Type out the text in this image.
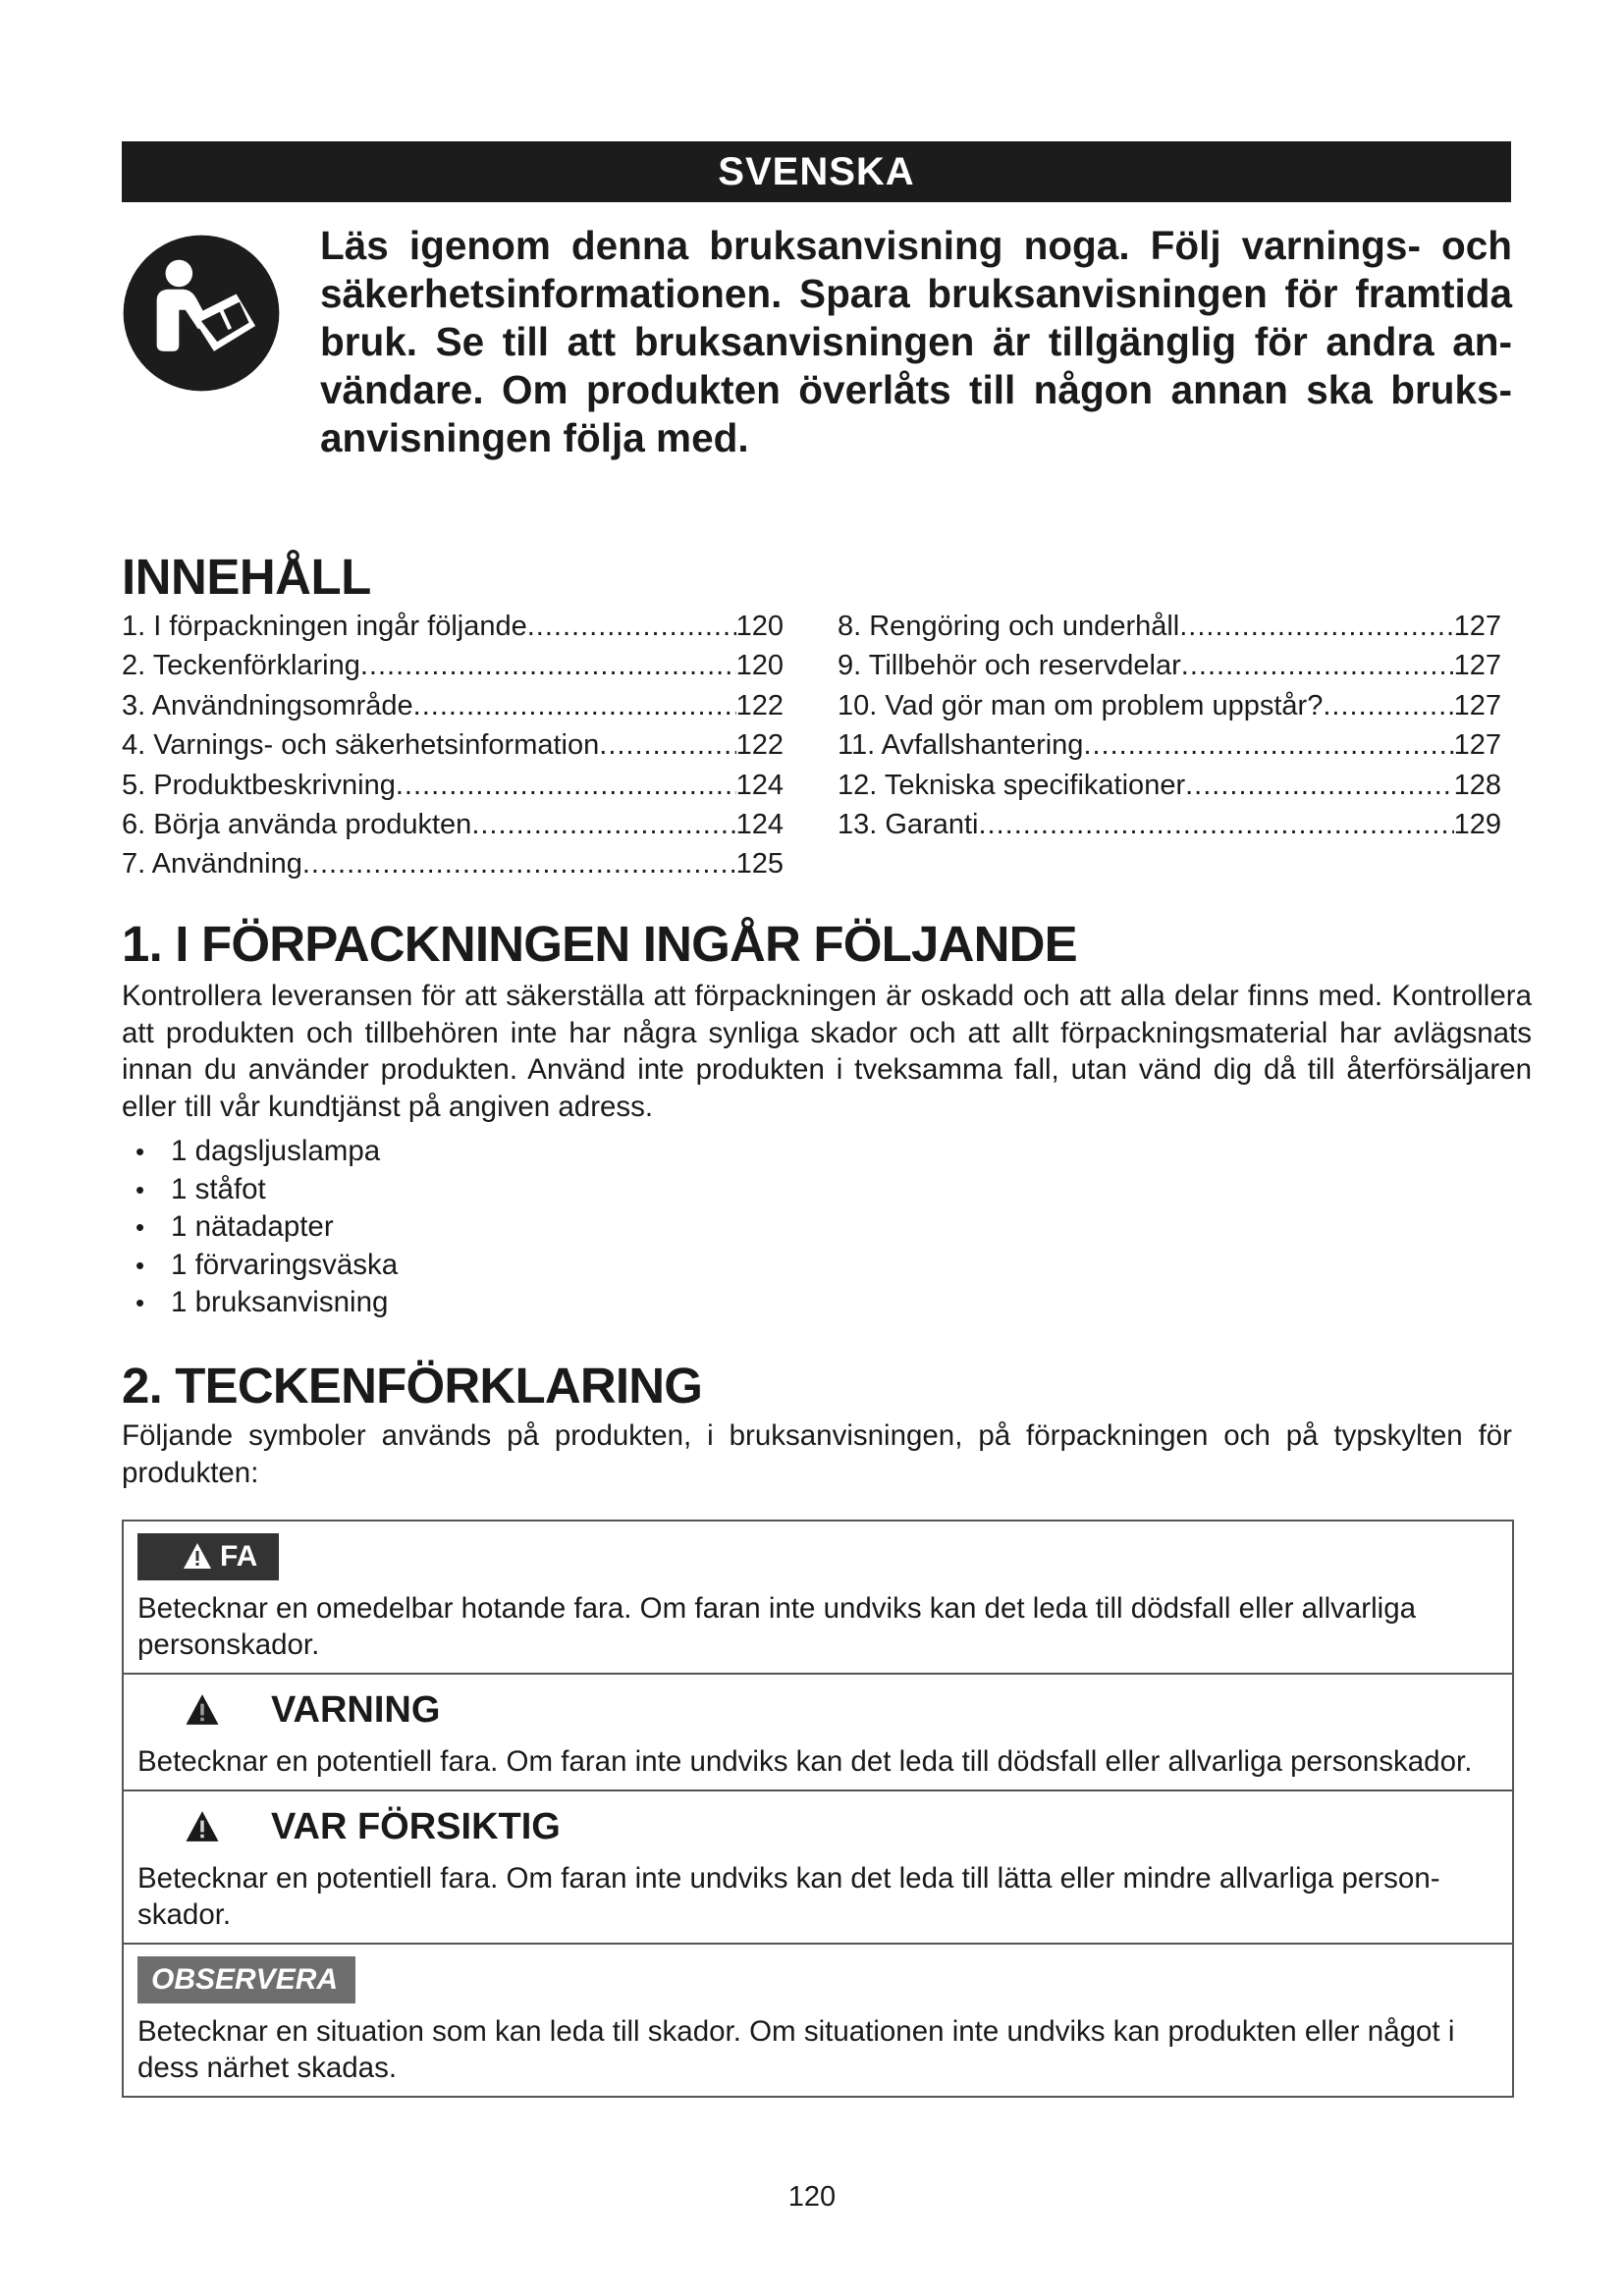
SVENSKA

Läs igenom denna bruksanvisning noga. Följ varnings- och säkerhetsinformationen. Spara bruksanvisningen för framtida bruk. Se till att bruksanvisningen är tillgänglig för andra användare. Om produkten överlåts till någon annan ska bruksanvisningen följa med.

INNEHÅLL
1. I förpackningen ingår följande .....	120
2. Teckenförklaring .....	120
3. Användningsområde .....	122
4. Varnings- och säkerhetsinformation .....	122
5. Produktbeskrivning .....	124
6. Börja använda produkten .....	124
7. Användning .....	125
8. Rengöring och underhåll .....	127
9. Tillbehör och reservdelar .....	127
10. Vad gör man om problem uppstår? .....	127
11. Avfallshantering .....	127
12. Tekniska specifikationer .....	128
13. Garanti .....	129
1. I FÖRPACKNINGEN INGÅR FÖLJANDE

Kontrollera leveransen för att säkerställa att förpackningen är oskadd och att alla delar finns med. Kontrollera att produkten och tillbehören inte har några synliga skador och att allt förpackningsmaterial har avlägsnats innan du använder produkten. Använd inte produkten i tveksamma fall, utan vänd dig då till återförsäljaren eller till vår kundtjänst på angiven adress.

• 1 dagsljuslampa
• 1 ståfot
• 1 nätadapter
• 1 förvaringsväska
• 1 bruksanvisning
2. TECKENFÖRKLARING

Följande symboler används på produkten, i bruksanvisningen, på förpackningen och på typskylten för produkten:

FA

Betecknar en omedelbar hotande fara. Om faran inte undviks kan det leda till dödsfall eller allvarliga personskador.

VARNING

Betecknar en potentiell fara. Om faran inte undviks kan det leda till dödsfall eller allvarliga personskador.

VAR FÖRSIKTIG

Betecknar en potentiell fara. Om faran inte undviks kan det leda till lätta eller mindre allvarliga personskador.

OBSERVERA

Betecknar en situation som kan leda till skador. Om situationen inte undviks kan produkten eller något i dess närhet skadas.

120
